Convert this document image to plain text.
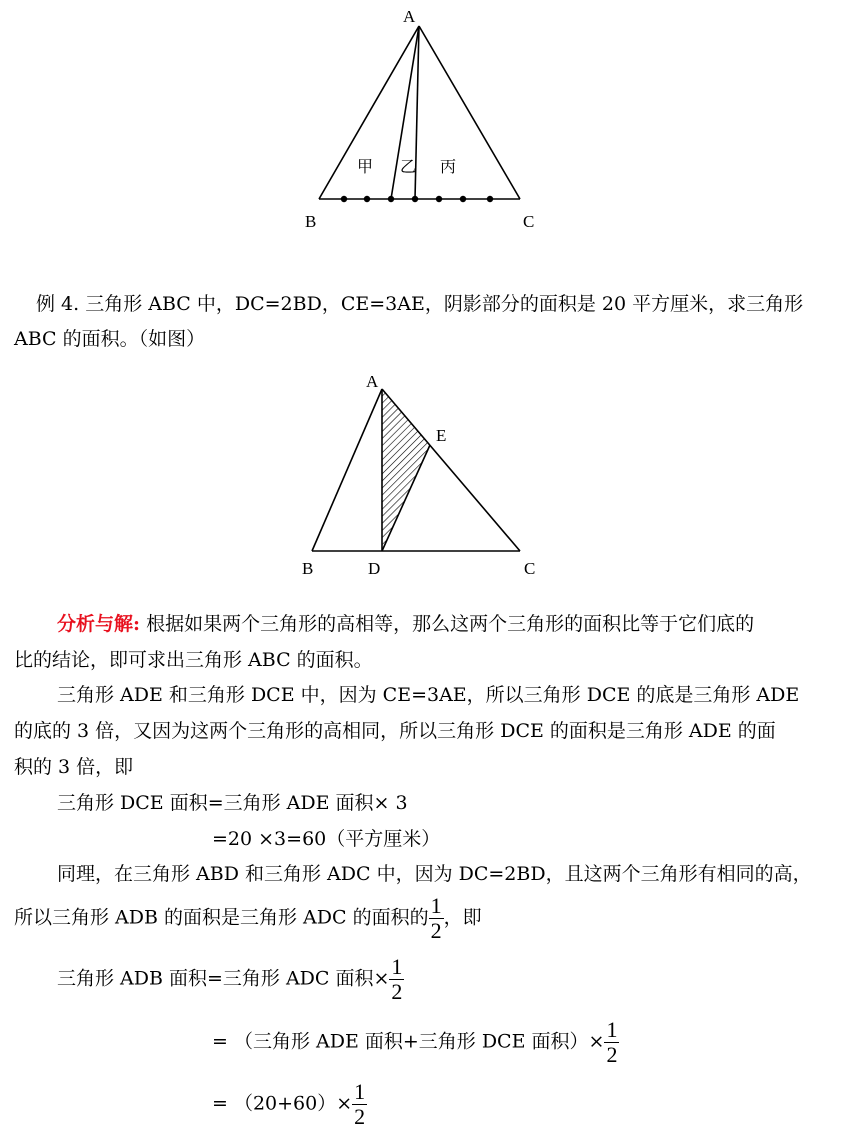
A
B	C
甲 乙 丙
例 4. 三角形 ABC 中，DC=2BD，CE=3AE，阴影部分的面积是 20 平方厘米，求三角形
ABC 的面积。（如图）
A
E
B	D	C
分析与解: 根据如果两个三角形的高相等，那么这两个三角形的面积比等于它们底的
比的结论，即可求出三角形 ABC 的面积。
三角形 ADE 和三角形 DCE 中，因为 CE=3AE，所以三角形 DCE 的底是三角形 ADE
的底的 3 倍，又因为这两个三角形的高相同，所以三角形 DCE 的面积是三角形 ADE 的面
积的 3 倍，即
三角形 DCE 面积=三角形 ADE 面积× 3
=20 ×3=60（平方厘米）
同理，在三角形 ABD 和三角形 ADC 中，因为 DC=2BD，且这两个三角形有相同的高，
所以三角形 ADB 的面积是三角形 ADC 的面积的 $\frac{1}{2}$ ，即
三角形 ADB 面积=三角形 ADC 面积× $\frac{1}{2}$
= （三角形 ADE 面积+三角形 DCE 面积）× $\frac{1}{2}$
= $(20+60)\times \frac{1}{2}$
